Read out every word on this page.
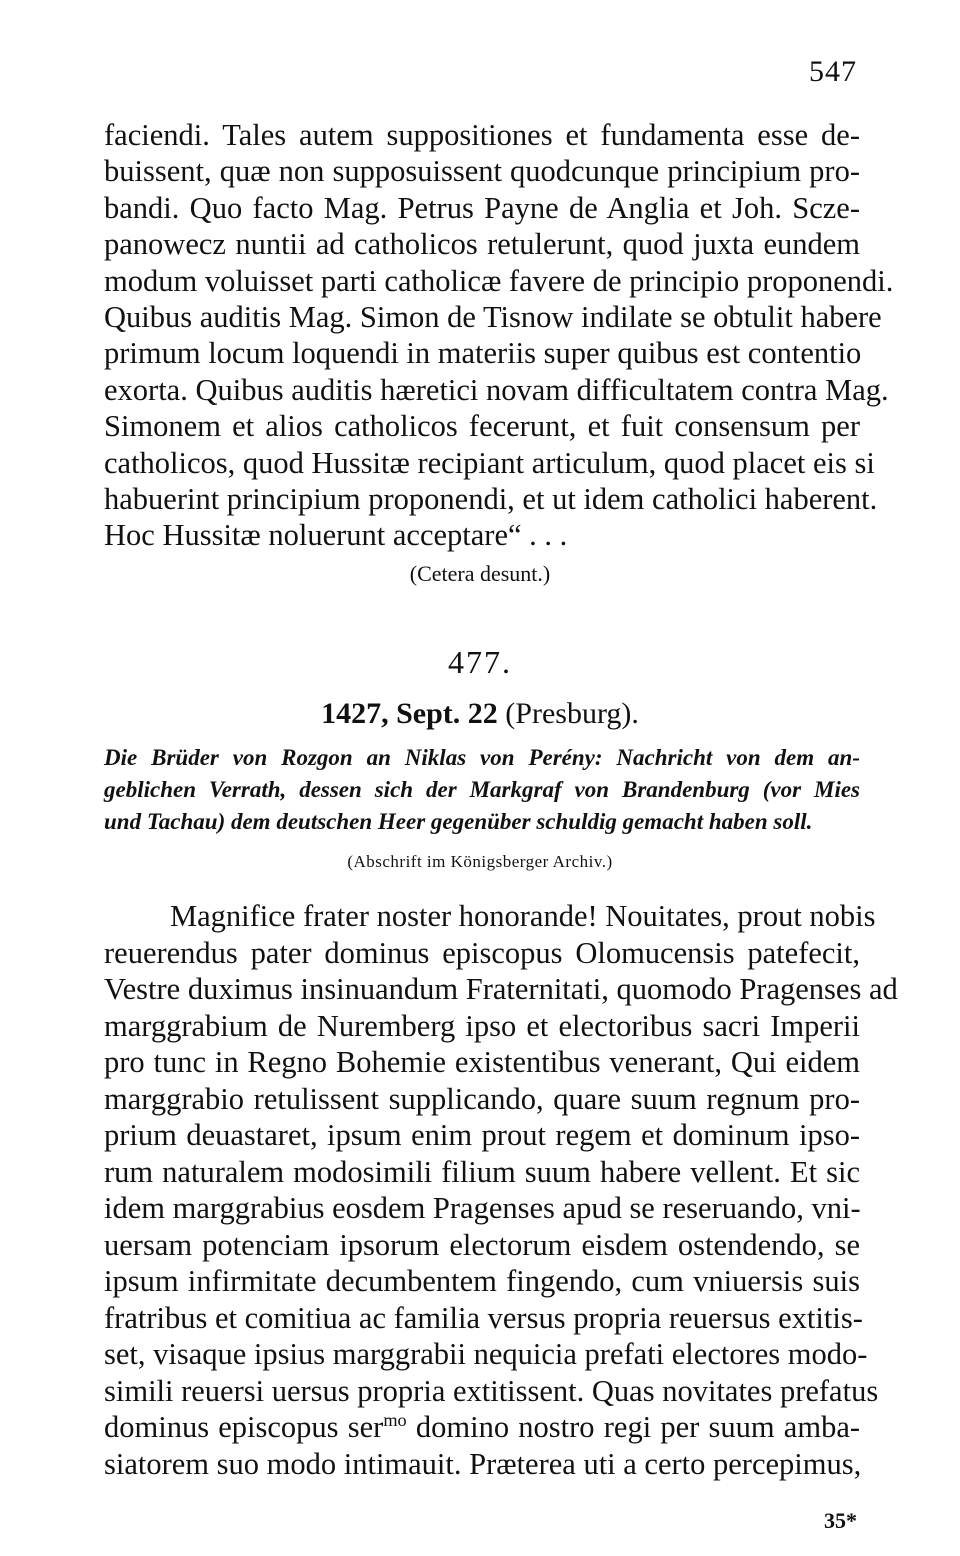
547
faciendi. Tales autem suppositiones et fundamenta esse de-
buissent, quæ non supposuissent quodcunque principium pro-
bandi. Quo facto Mag. Petrus Payne de Anglia et Joh. Scze-
panowecz nuntii ad catholicos retulerunt, quod juxta eundem
modum voluisset parti catholicæ favere de principio proponendi.
Quibus auditis Mag. Simon de Tisnow indilate se obtulit habere
primum locum loquendi in materiis super quibus est contentio
exorta. Quibus auditis hæretici novam difficultatem contra Mag.
Simonem et alios catholicos fecerunt, et fuit consensum per
catholicos, quod Hussitæ recipiant articulum, quod placet eis si
habuerint principium proponendi, et ut idem catholici haberent.
Hoc Hussitæ noluerunt acceptare“ . . .
(Cetera desunt.)
477.
1427, Sept. 22 (Presburg).
Die Brüder von Rozgon an Niklas von Perény: Nachricht von dem an-
geblichen Verrath, dessen sich der Markgraf von Brandenburg (vor Mies
und Tachau) dem deutschen Heer gegenüber schuldig gemacht haben soll.
(Abschrift im Königsberger Archiv.)
Magnifice frater noster honorande! Nouitates, prout nobis
reuerendus pater dominus episcopus Olomucensis patefecit,
Vestre duximus insinuandum Fraternitati, quomodo Pragenses ad
marggrabium de Nuremberg ipso et electoribus sacri Imperii
pro tunc in Regno Bohemie existentibus venerant, Qui eidem
marggrabio retulissent supplicando, quare suum regnum pro-
prium deuastaret, ipsum enim prout regem et dominum ipso-
rum naturalem modosimili filium suum habere vellent. Et sic
idem marggrabius eosdem Pragenses apud se reseruando, vni-
uersam potenciam ipsorum electorum eisdem ostendendo, se
ipsum infirmitate decumbentem fingendo, cum vniuersis suis
fratribus et comitiua ac familia versus propria reuersus extitis-
set, visaque ipsius marggrabii nequicia prefati electores modo-
simili reuersi uersus propria extitissent. Quas novitates prefatus
dominus episcopus ser$^{mo}$ domino nostro regi per suum amba-
siatorem suo modo intimauit. Præterea uti a certo percepimus,
35*
